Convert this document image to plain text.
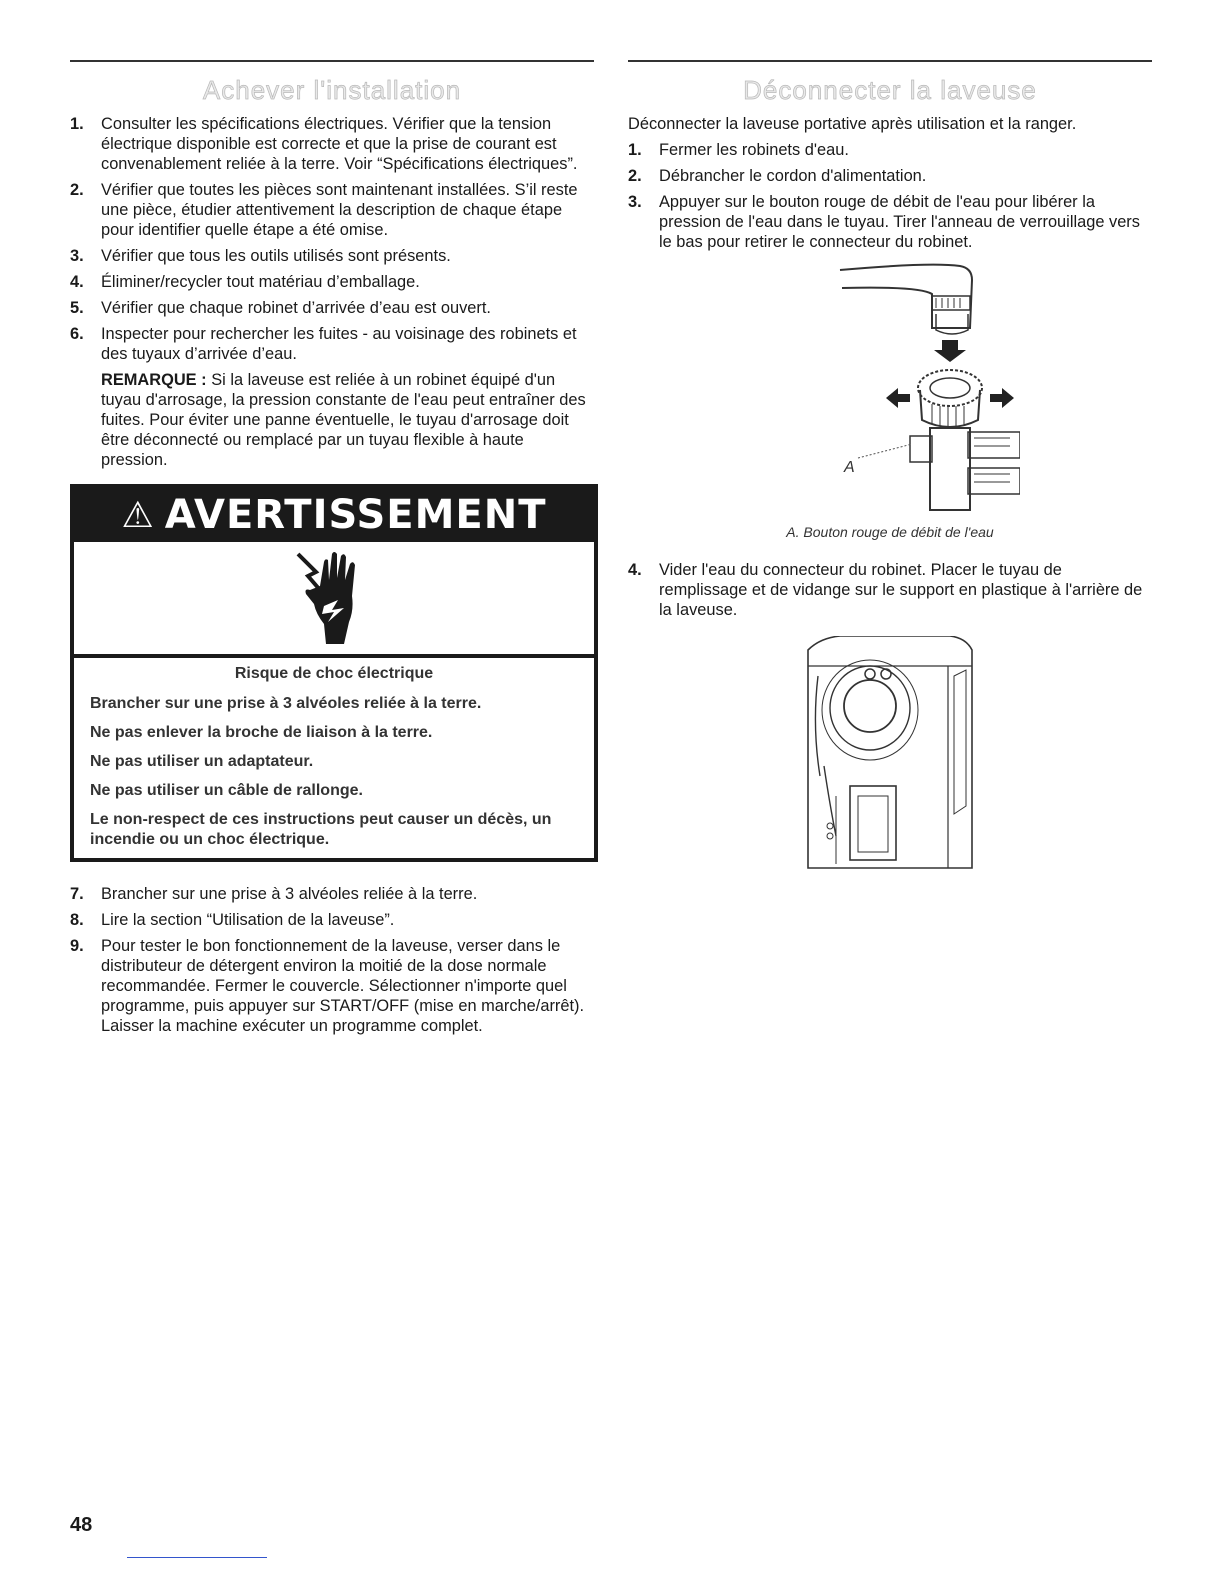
Achever l'installation
1. Consulter les spécifications électriques. Vérifier que la tension électrique disponible est correcte et que la prise de courant est convenablement reliée à la terre. Voir “Spécifications électriques”.
2. Vérifier que toutes les pièces sont maintenant installées. S’il reste une pièce, étudier attentivement la description de chaque étape pour identifier quelle étape a été omise.
3. Vérifier que tous les outils utilisés sont présents.
4. Éliminer/recycler tout matériau d’emballage.
5. Vérifier que chaque robinet d’arrivée d’eau est ouvert.
6. Inspecter pour rechercher les fuites - au voisinage des robinets et des tuyaux d’arrivée d’eau.
REMARQUE : Si la laveuse est reliée à un robinet équipé d'un tuyau d'arrosage, la pression constante de l'eau peut entraîner des fuites. Pour éviter une panne éventuelle, le tuyau d'arrosage doit être déconnecté ou remplacé par un tuyau flexible à haute pression.
⚠ AVERTISSEMENT
Risque de choc électrique

Brancher sur une prise à 3 alvéoles reliée à la terre.

Ne pas enlever la broche de liaison à la terre.

Ne pas utiliser un adaptateur.

Ne pas utiliser un câble de rallonge.

Le non-respect de ces instructions peut causer un décès, un incendie ou un choc électrique.

7. Brancher sur une prise à 3 alvéoles reliée à la terre.
8. Lire la section “Utilisation de la laveuse”.
9. Pour tester le bon fonctionnement de la laveuse, verser dans le distributeur de détergent environ la moitié de la dose normale recommandée. Fermer le couvercle. Sélectionner n'importe quel programme, puis appuyer sur START/OFF (mise en marche/arrêt). Laisser la machine exécuter un programme complet.
Déconnecter la laveuse

Déconnecter la laveuse portative après utilisation et la ranger.

1. Fermer les robinets d'eau.
2. Débrancher le cordon d'alimentation.
3. Appuyer sur le bouton rouge de débit de l'eau pour libérer la pression de l'eau dans le tuyau. Tirer l'anneau de verrouillage vers le bas pour retirer le connecteur du robinet.
A
A. Bouton rouge de débit de l'eau
4. Vider l'eau du connecteur du robinet. Placer le tuyau de remplissage et de vidange sur le support en plastique à l'arrière de la laveuse.
48
